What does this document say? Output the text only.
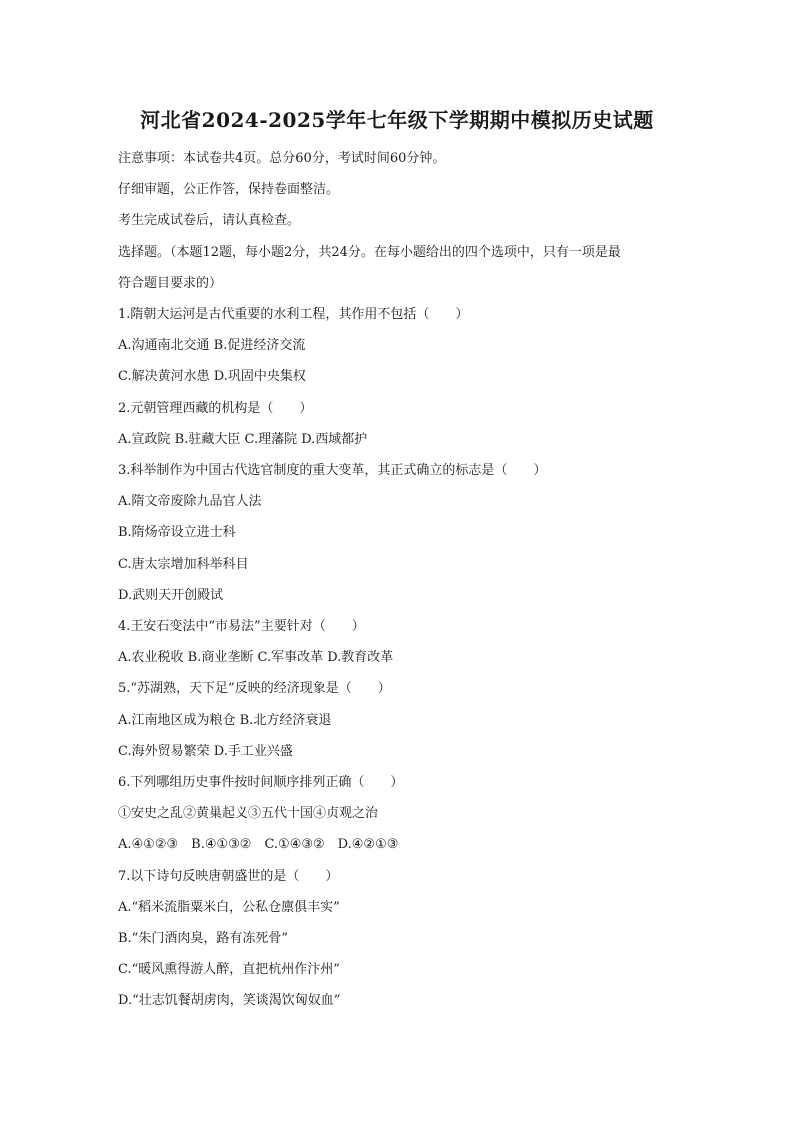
河北省2024-2025学年七年级下学期期中模拟历史试题

注意事项：本试卷共4页。总分60分，考试时间60分钟。

仔细审题，公正作答，保持卷面整洁。

考生完成试卷后，请认真检查。

选择题。（本题12题，每小题2分，共24分。在每小题给出的四个选项中，只有一项是最

符合题目要求的）

1.隋朝大运河是古代重要的水利工程，其作用不包括（　　）

A.沟通南北交通 B.促进经济交流

C.解决黄河水患 D.巩固中央集权

2.元朝管理西藏的机构是（　　）

A.宣政院 B.驻藏大臣 C.理藩院 D.西域都护

3.科举制作为中国古代选官制度的重大变革，其正式确立的标志是（　　）

A.隋文帝废除九品官人法

B.隋炀帝设立进士科

C.唐太宗增加科举科目

D.武则天开创殿试

4.王安石变法中“市易法”主要针对（　　）

A.农业税收 B.商业垄断 C.军事改革 D.教育改革

5.“苏湖熟，天下足”反映的经济现象是（　　）

A.江南地区成为粮仓 B.北方经济衰退

C.海外贸易繁荣 D.手工业兴盛

6.下列哪组历史事件按时间顺序排列正确（　　）

①安史之乱②黄巢起义③五代十国④贞观之治

A.④①②③　B.④①③②　C.①④③②　D.④②①③

7.以下诗句反映唐朝盛世的是（　　）

A.“稻米流脂粟米白，公私仓廪俱丰实”

B.“朱门酒肉臭，路有冻死骨”

C.“暖风熏得游人醉，直把杭州作汴州”

D.“壮志饥餐胡虏肉，笑谈渴饮匈奴血”
